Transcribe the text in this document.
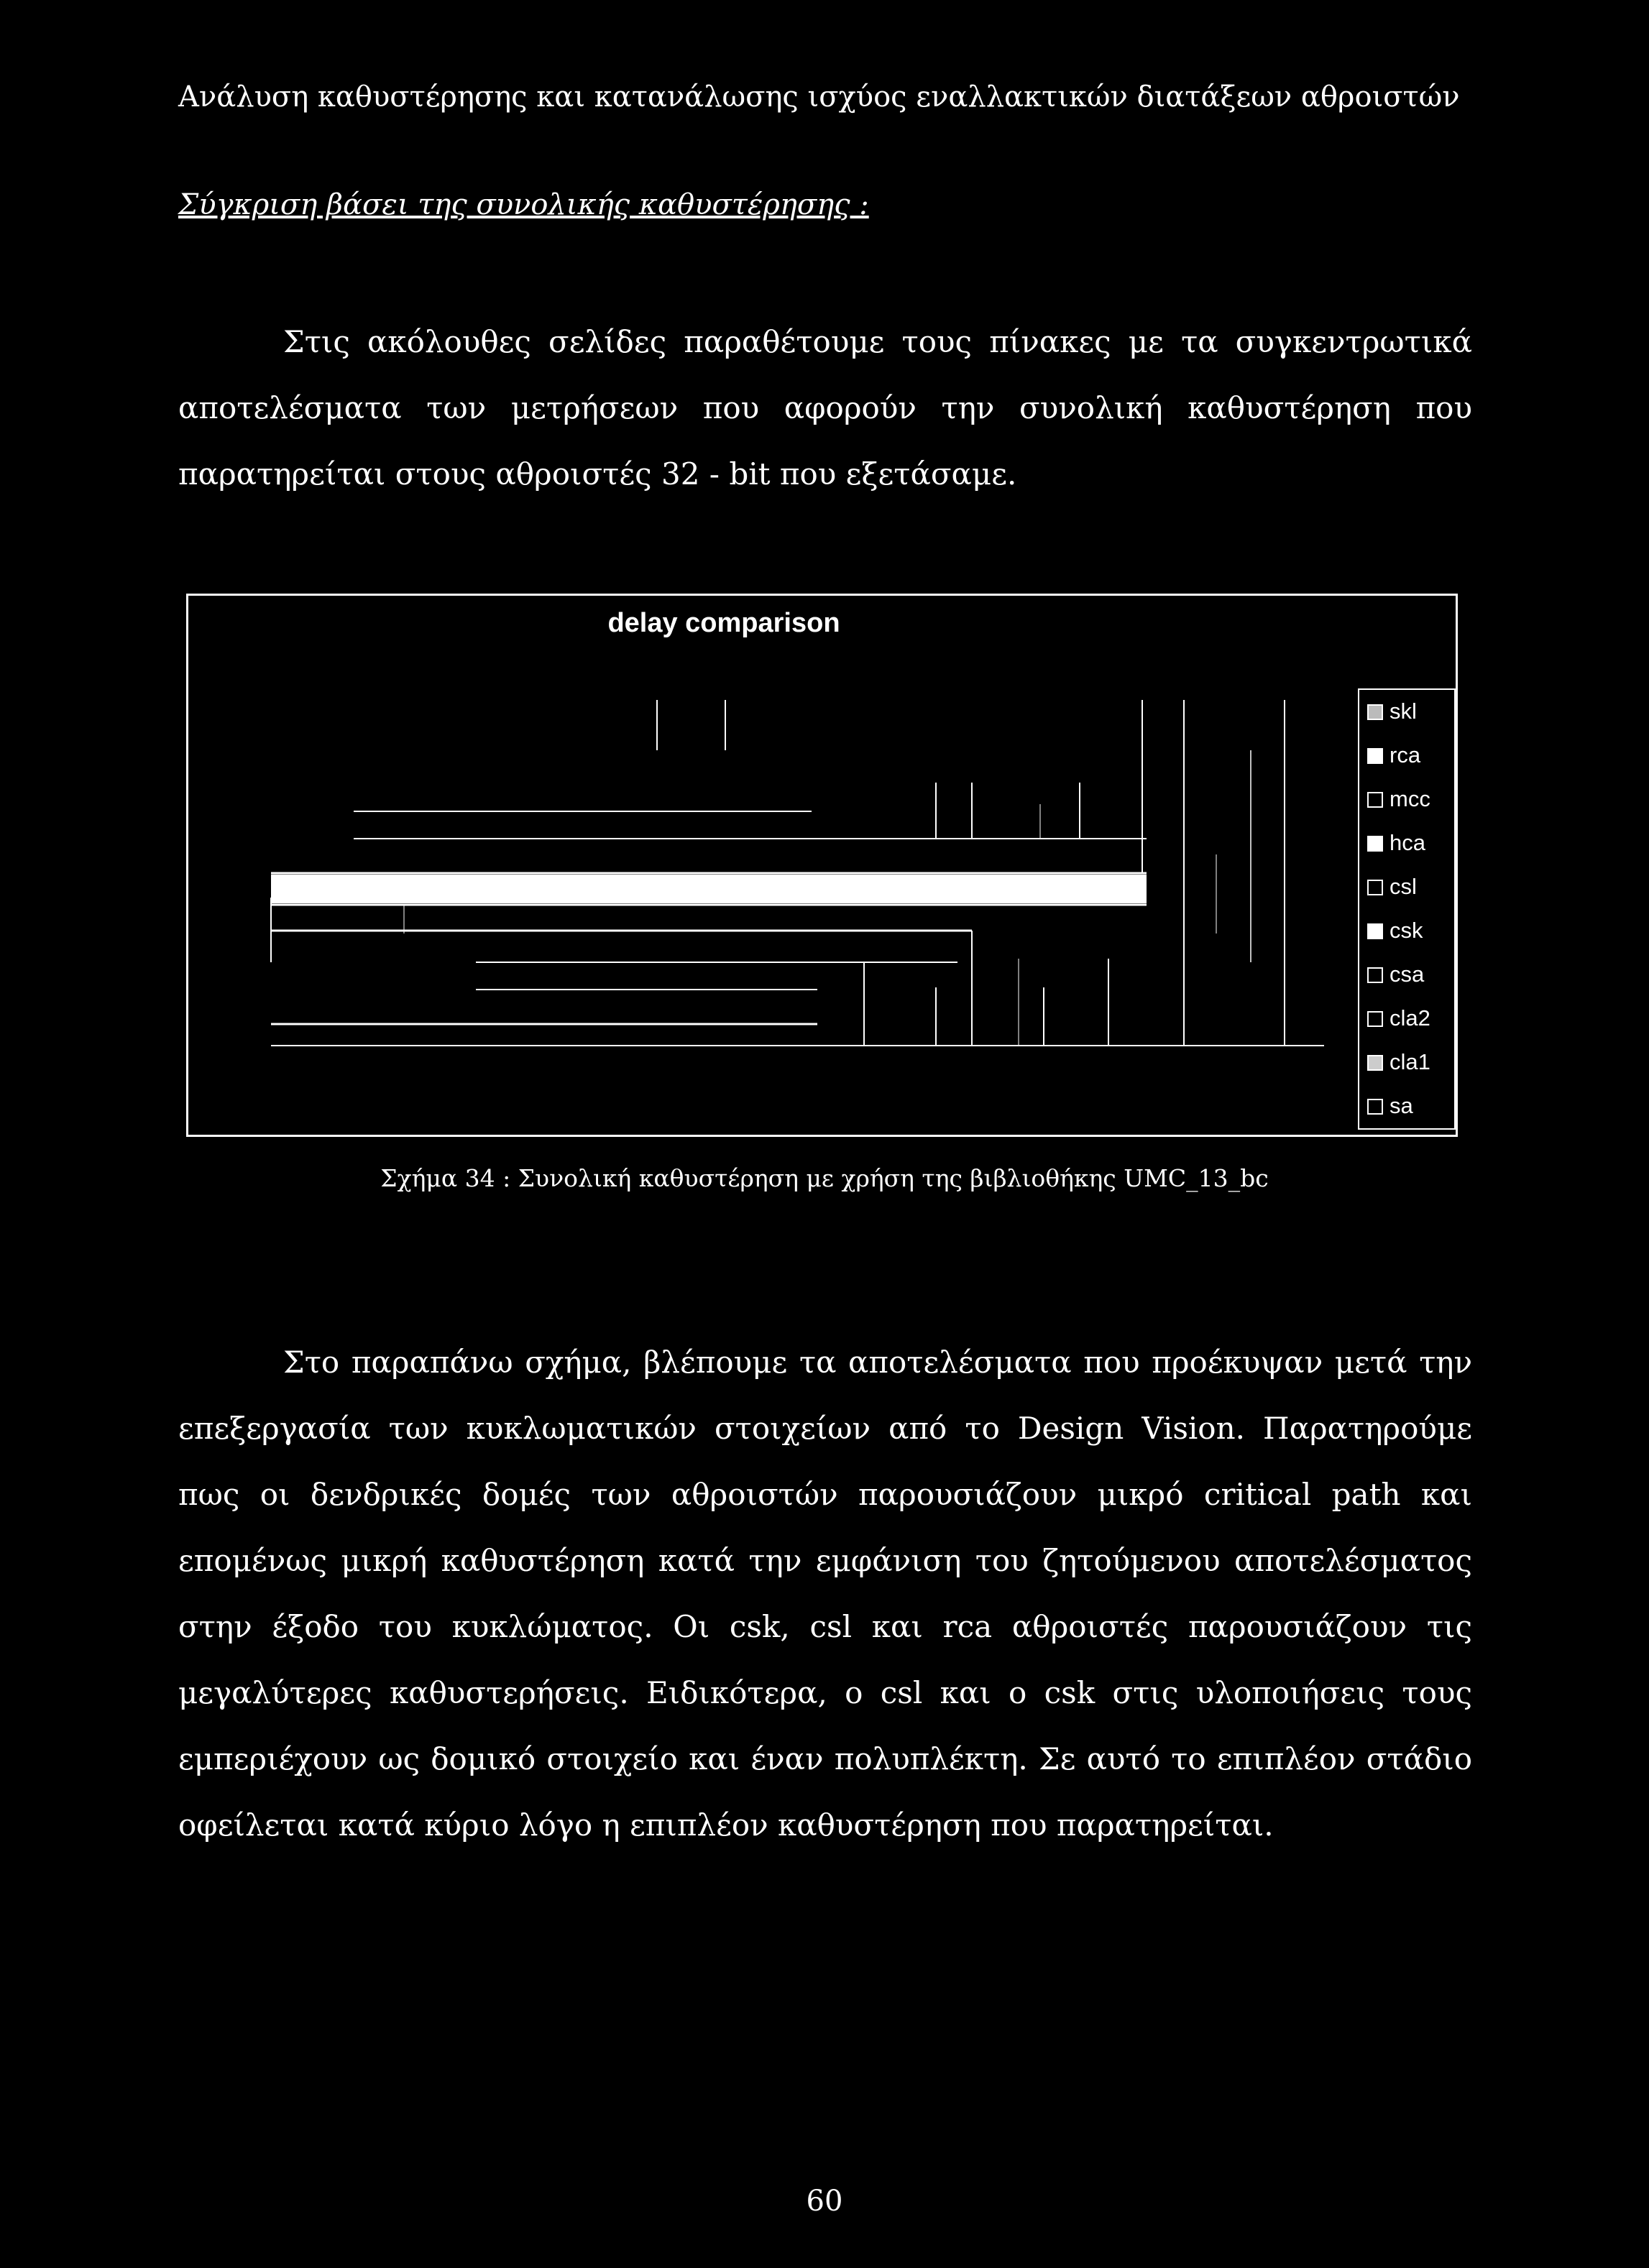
Ανάλυση καθυστέρησης και κατανάλωσης ισχύος εναλλακτικών διατάξεων αθροιστών
Σύγκριση βάσει της συνολικής καθυστέρησης :
Στις ακόλουθες σελίδες παραθέτουμε τους πίνακες με τα συγκεντρωτικά αποτελέσματα των μετρήσεων που αφορούν την συνολική καθυστέρηση που παρατηρείται στους αθροιστές 32 - bit που εξετάσαμε.
delay comparison
skl
rca
mcc
hca
csl
csk
csa
cla2
cla1
sa
Σχήμα 34 : Συνολική καθυστέρηση με χρήση της βιβλιοθήκης UMC_13_bc
Στο παραπάνω σχήμα, βλέπουμε τα αποτελέσματα που προέκυψαν μετά την επεξεργασία των κυκλωματικών στοιχείων από το Design Vision. Παρατηρούμε πως οι δενδρικές δομές των αθροιστών παρουσιάζουν μικρό critical path και επομένως μικρή καθυστέρηση κατά την εμφάνιση του ζητούμενου αποτελέσματος στην έξοδο του κυκλώματος. Οι csk, csl και rca αθροιστές παρουσιάζουν τις μεγαλύτερες καθυστερήσεις. Ειδικότερα, ο csl και ο csk στις υλοποιήσεις τους εμπεριέχουν ως δομικό στοιχείο και έναν πολυπλέκτη. Σε αυτό το επιπλέον στάδιο οφείλεται κατά κύριο λόγο η επιπλέον καθυστέρηση που παρατηρείται.
60
